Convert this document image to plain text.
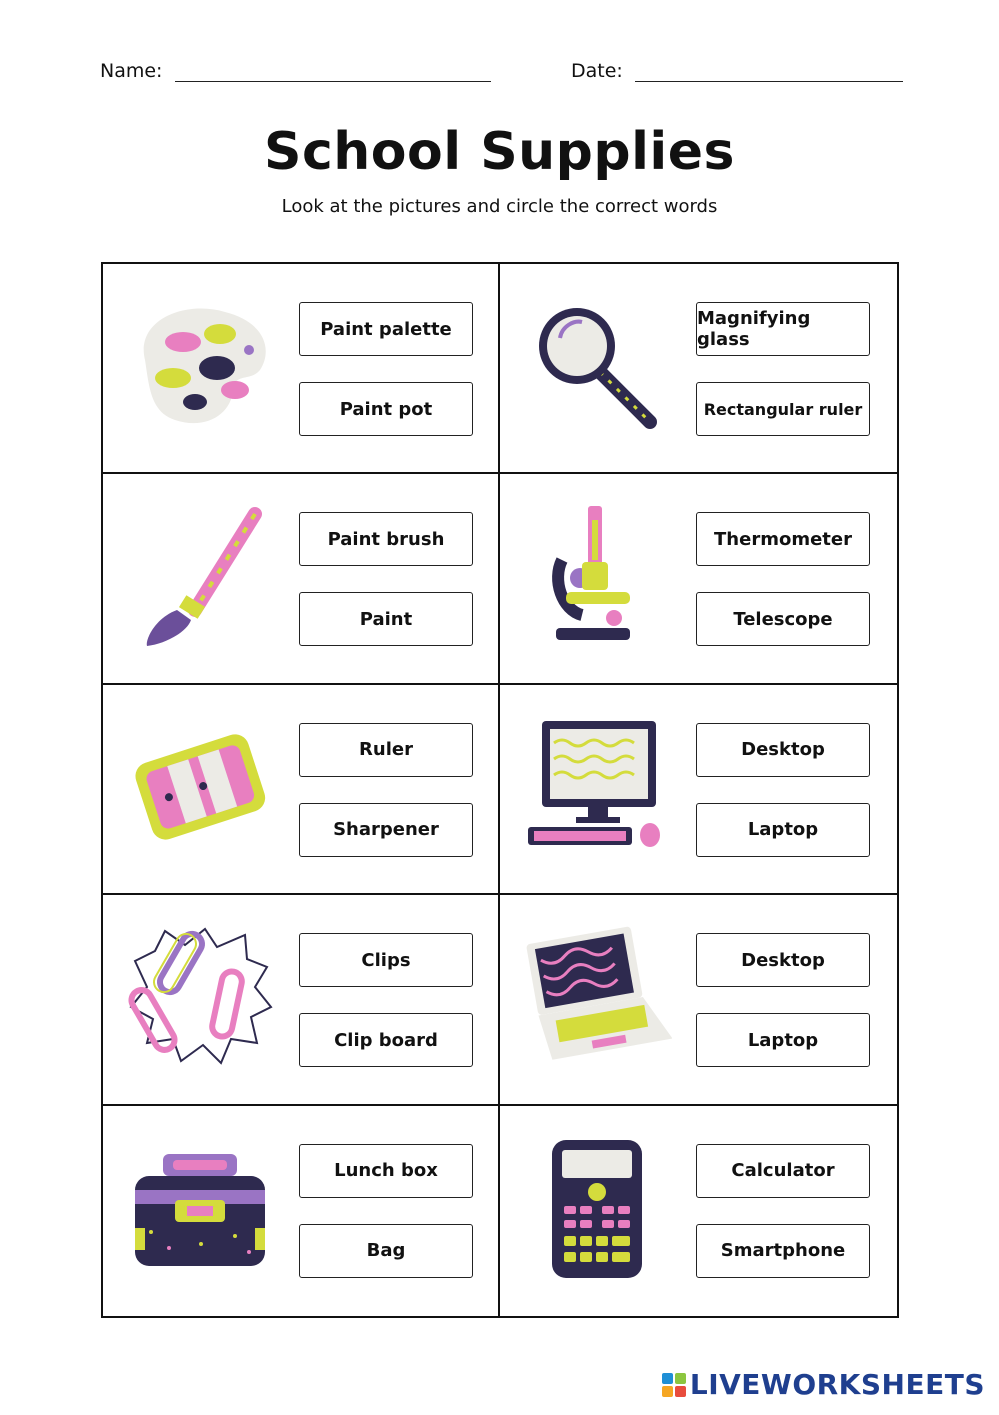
Name:	Date:
School Supplies
Look at the pictures and circle the correct words
Paint palette
Paint pot
Magnifying glass
Rectangular ruler
Paint brush
Paint
Thermometer
Telescope
Ruler
Sharpener
Desktop
Laptop
Clips
Clip board
Desktop
Laptop
Lunch box
Bag
Calculator
Smartphone
LIVEWORKSHEETS
